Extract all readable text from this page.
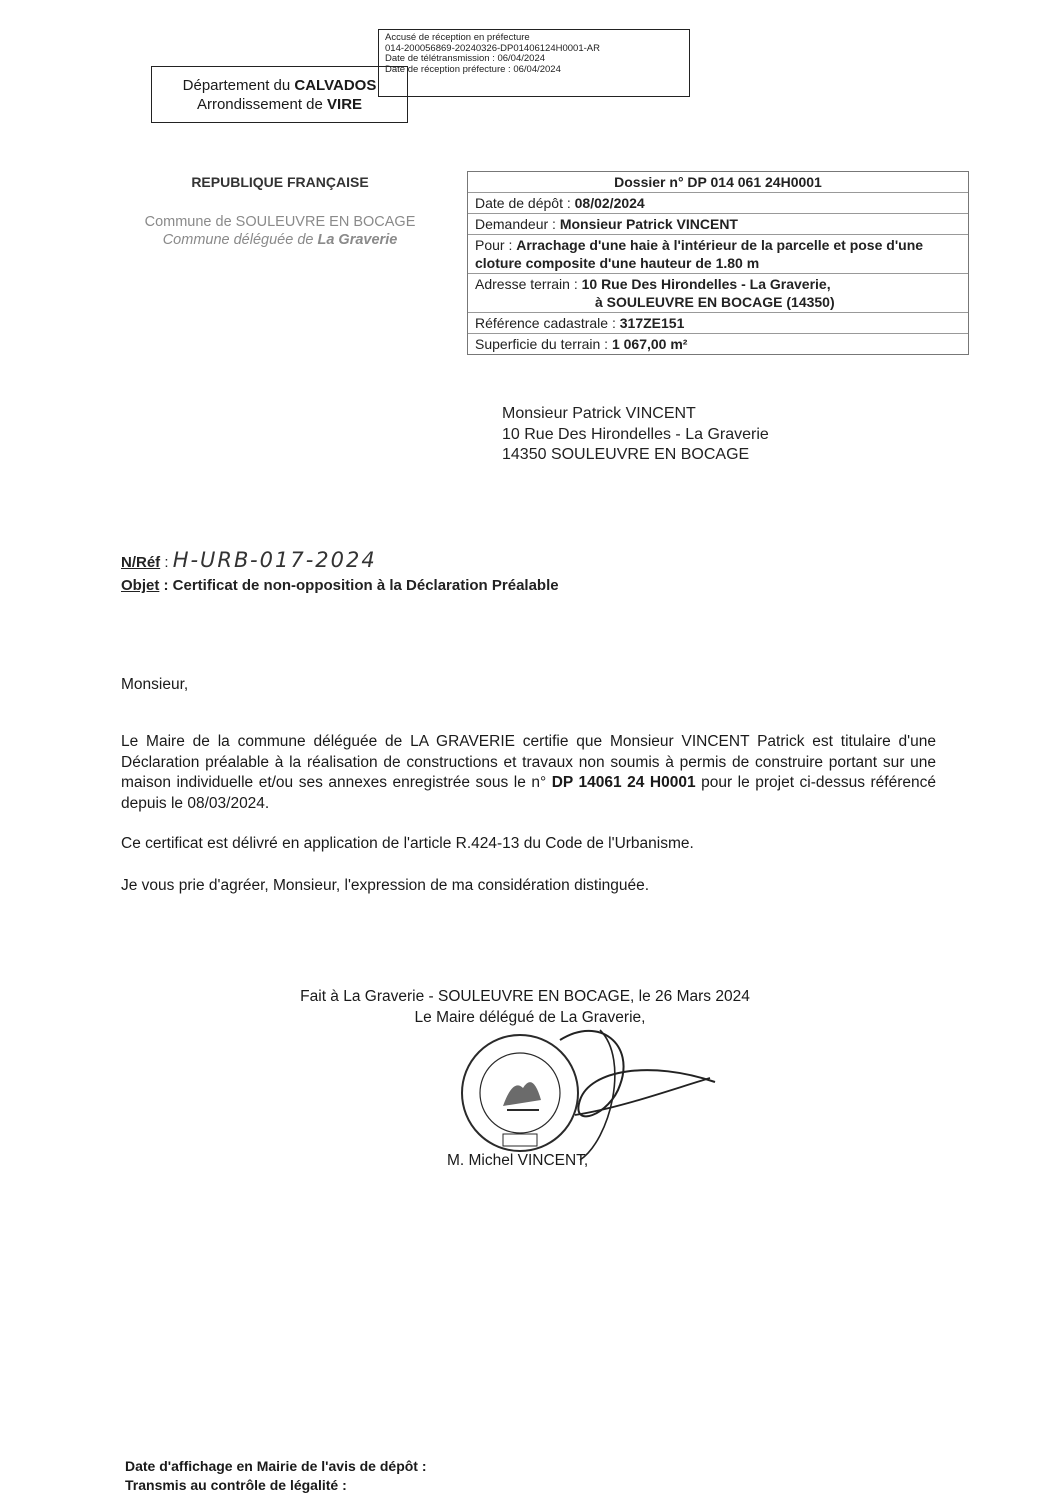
Accusé de réception en préfecture
014-200056869-20240326-DP01406124H0001-AR
Date de télétransmission : 06/04/2024
Date de réception préfecture : 06/04/2024
Département du CALVADOS
Arrondissement de VIRE
REPUBLIQUE FRANÇAISE
Commune de SOULEUVRE EN BOCAGE
Commune déléguée de La Graverie
Dossier n° DP 014 061 24H0001
Date de dépôt : 08/02/2024
Demandeur : Monsieur Patrick VINCENT
Pour : Arrachage d'une haie à l'intérieur de la parcelle et pose d'une cloture composite d'une hauteur de 1.80 m
Adresse terrain : 10 Rue Des Hirondelles - La Graverie,
à SOULEUVRE EN BOCAGE (14350)
Référence cadastrale : 317ZE151
Superficie du terrain : 1 067,00 m²
Monsieur Patrick VINCENT
10 Rue Des Hirondelles - La Graverie
14350 SOULEUVRE EN BOCAGE
N/Réf : H-URB-017-2024
Objet : Certificat de non-opposition à la Déclaration Préalable
Monsieur,
Le Maire de la commune déléguée de LA GRAVERIE certifie que Monsieur VINCENT Patrick est titulaire d'une Déclaration préalable à la réalisation de constructions et travaux non soumis à permis de construire portant sur une maison individuelle et/ou ses annexes enregistrée sous le n° DP 14061 24 H0001 pour le projet ci-dessus référencé depuis le 08/03/2024.
Ce certificat est délivré en application de l'article R.424-13 du Code de l'Urbanisme.
Je vous prie d'agréer, Monsieur, l'expression de ma considération distinguée.
Fait à La Graverie - SOULEUVRE EN BOCAGE, le 26 Mars 2024
Le Maire délégué de La Graverie,
M. Michel VINCENT,
Date d'affichage en Mairie de l'avis de dépôt :
Transmis au contrôle de légalité :
